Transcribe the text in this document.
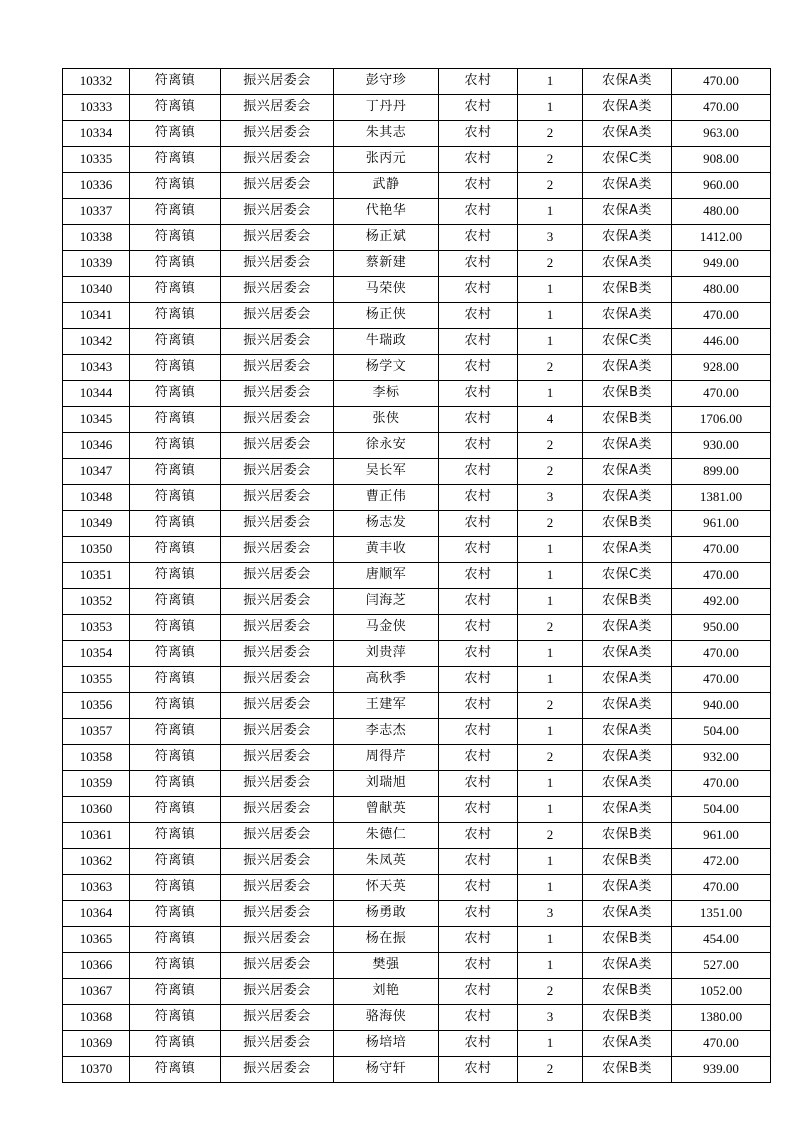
10332	符离镇	振兴居委会	彭守珍	农村	1	农保A类	470.00
10333	符离镇	振兴居委会	丁丹丹	农村	1	农保A类	470.00
10334	符离镇	振兴居委会	朱其志	农村	2	农保A类	963.00
10335	符离镇	振兴居委会	张丙元	农村	2	农保C类	908.00
10336	符离镇	振兴居委会	武静	农村	2	农保A类	960.00
10337	符离镇	振兴居委会	代艳华	农村	1	农保A类	480.00
10338	符离镇	振兴居委会	杨正斌	农村	3	农保A类	1412.00
10339	符离镇	振兴居委会	蔡新建	农村	2	农保A类	949.00
10340	符离镇	振兴居委会	马荣侠	农村	1	农保B类	480.00
10341	符离镇	振兴居委会	杨正侠	农村	1	农保A类	470.00
10342	符离镇	振兴居委会	牛瑞政	农村	1	农保C类	446.00
10343	符离镇	振兴居委会	杨学文	农村	2	农保A类	928.00
10344	符离镇	振兴居委会	李标	农村	1	农保B类	470.00
10345	符离镇	振兴居委会	张侠	农村	4	农保B类	1706.00
10346	符离镇	振兴居委会	徐永安	农村	2	农保A类	930.00
10347	符离镇	振兴居委会	吴长军	农村	2	农保A类	899.00
10348	符离镇	振兴居委会	曹正伟	农村	3	农保A类	1381.00
10349	符离镇	振兴居委会	杨志发	农村	2	农保B类	961.00
10350	符离镇	振兴居委会	黄丰收	农村	1	农保A类	470.00
10351	符离镇	振兴居委会	唐顺军	农村	1	农保C类	470.00
10352	符离镇	振兴居委会	闫海芝	农村	1	农保B类	492.00
10353	符离镇	振兴居委会	马金侠	农村	2	农保A类	950.00
10354	符离镇	振兴居委会	刘贵萍	农村	1	农保A类	470.00
10355	符离镇	振兴居委会	高秋季	农村	1	农保A类	470.00
10356	符离镇	振兴居委会	王建军	农村	2	农保A类	940.00
10357	符离镇	振兴居委会	李志杰	农村	1	农保A类	504.00
10358	符离镇	振兴居委会	周得芹	农村	2	农保A类	932.00
10359	符离镇	振兴居委会	刘瑞旭	农村	1	农保A类	470.00
10360	符离镇	振兴居委会	曾献英	农村	1	农保A类	504.00
10361	符离镇	振兴居委会	朱德仁	农村	2	农保B类	961.00
10362	符离镇	振兴居委会	朱凤英	农村	1	农保B类	472.00
10363	符离镇	振兴居委会	怀天英	农村	1	农保A类	470.00
10364	符离镇	振兴居委会	杨勇敢	农村	3	农保A类	1351.00
10365	符离镇	振兴居委会	杨在振	农村	1	农保B类	454.00
10366	符离镇	振兴居委会	樊强	农村	1	农保A类	527.00
10367	符离镇	振兴居委会	刘艳	农村	2	农保B类	1052.00
10368	符离镇	振兴居委会	骆海侠	农村	3	农保B类	1380.00
10369	符离镇	振兴居委会	杨培培	农村	1	农保A类	470.00
10370	符离镇	振兴居委会	杨守轩	农村	2	农保B类	939.00
